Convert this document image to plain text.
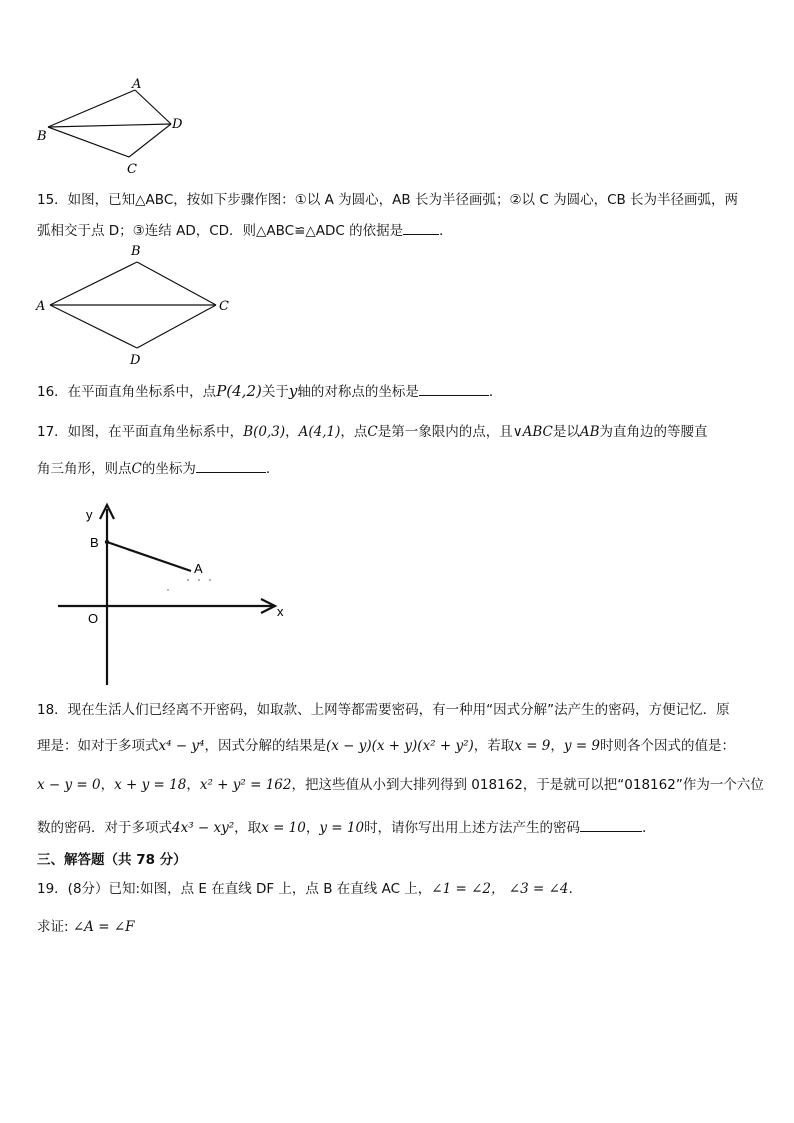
A
B
C
D
15．如图，已知△ABC，按如下步骤作图：①以 A 为圆心，AB 长为半径画弧；②以 C 为圆心，CB 长为半径画弧，两
弧相交于点 D；③连结 AD，CD．则△ABC≌△ADC 的依据是	．
B
A	C
D
16．在平面直角坐标系中，点P(4,2)关于y轴的对称点的坐标是	．
17．如图，在平面直角坐标系中，B(0,3)，A(4,1)，点C是第一象限内的点，且∨ABC是以AB为直角边的等腰直
角三角形，则点C的坐标为	.
y
x
O
B
A
18．现在生活人们已经离不开密码，如取款、上网等都需要密码，有一种用“因式分解”法产生的密码，方便记忆．原
理是：如对于多项式x⁴ − y⁴，因式分解的结果是(x − y)(x + y)(x² + y²)，若取x = 9，y = 9时则各个因式的值是：
x − y = 0，x + y = 18，x² + y² = 162，把这些值从小到大排列得到 018162，于是就可以把“018162”作为一个六位
数的密码．对于多项式4x³ − xy²，取x = 10，y = 10时，请你写出用上述方法产生的密码	．
三、解答题（共 78 分）
19．(8分）已知:如图，点 E 在直线 DF 上，点 B 在直线 AC 上，∠1 = ∠2， ∠3 = ∠4.
求证: ∠A = ∠F
